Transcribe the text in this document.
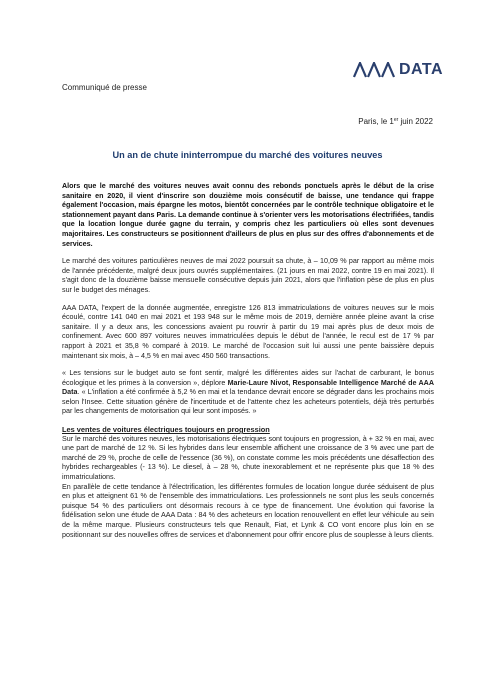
DATA
Communiqué de presse
Paris, le 1er juin 2022
Un an de chute ininterrompue du marché des voitures neuves

Alors que le marché des voitures neuves avait connu des rebonds ponctuels après le début de la crise sanitaire en 2020, il vient d'inscrire son douzième mois consécutif de baisse, une tendance qui frappe également l'occasion, mais épargne les motos, bientôt concernées par le contrôle technique obligatoire et le stationnement payant dans Paris. La demande continue à s'orienter vers les motorisations électrifiées, tandis que la location longue durée gagne du terrain, y compris chez les particuliers où elles sont devenues majoritaires. Les constructeurs se positionnent d'ailleurs de plus en plus sur des offres d'abonnements et de services.

Le marché des voitures particulières neuves de mai 2022 poursuit sa chute, à – 10,09 % par rapport au même mois de l'année précédente, malgré deux jours ouvrés supplémentaires. (21 jours en mai 2022, contre 19 en mai 2021). Il s'agit donc de la douzième baisse mensuelle consécutive depuis juin 2021, alors que l'inflation pèse de plus en plus sur le budget des ménages.

AAA DATA, l'expert de la donnée augmentée, enregistre 126 813 immatriculations de voitures neuves sur le mois écoulé, contre 141 040 en mai 2021 et 193 948 sur le même mois de 2019, dernière année pleine avant la crise sanitaire. Il y a deux ans, les concessions avaient pu rouvrir à partir du 19 mai après plus de deux mois de confinement. Avec 600 897 voitures neuves immatriculées depuis le début de l'année, le recul est de 17 % par rapport à 2021 et 35,8 % comparé à 2019. Le marché de l'occasion suit lui aussi une pente baissière depuis maintenant six mois, à – 4,5 % en mai avec 450 560 transactions.

« Les tensions sur le budget auto se font sentir, malgré les différentes aides sur l'achat de carburant, le bonus écologique et les primes à la conversion », déplore Marie-Laure Nivot, Responsable Intelligence Marché de AAA Data. « L'inflation a été confirmée à 5,2 % en mai et la tendance devrait encore se dégrader dans les prochains mois selon l'Insee. Cette situation génère de l'incertitude et de l'attente chez les acheteurs potentiels, déjà très perturbés par les changements de motorisation qui leur sont imposés. »

Les ventes de voitures électriques toujours en progression

Sur le marché des voitures neuves, les motorisations électriques sont toujours en progression, à + 32 % en mai, avec une part de marché de 12 %. Si les hybrides dans leur ensemble affichent une croissance de 3 % avec une part de marché de 29 %, proche de celle de l'essence (36 %), on constate comme les mois précédents une désaffection des hybrides rechargeables (- 13 %). Le diesel, à – 28 %, chute inexorablement et ne représente plus que 18 % des immatriculations.

En parallèle de cette tendance à l'électrification, les différentes formules de location longue durée séduisent de plus en plus et atteignent 61 % de l'ensemble des immatriculations. Les professionnels ne sont plus les seuls concernés puisque 54 % des particuliers ont désormais recours à ce type de financement. Une évolution qui favorise la fidélisation selon une étude de AAA Data : 84 % des acheteurs en location renouvellent en effet leur véhicule au sein de la même marque. Plusieurs constructeurs tels que Renault, Fiat, et Lynk & CO vont encore plus loin en se positionnant sur des nouvelles offres de services et d'abonnement pour offrir encore plus de souplesse à leurs clients.
